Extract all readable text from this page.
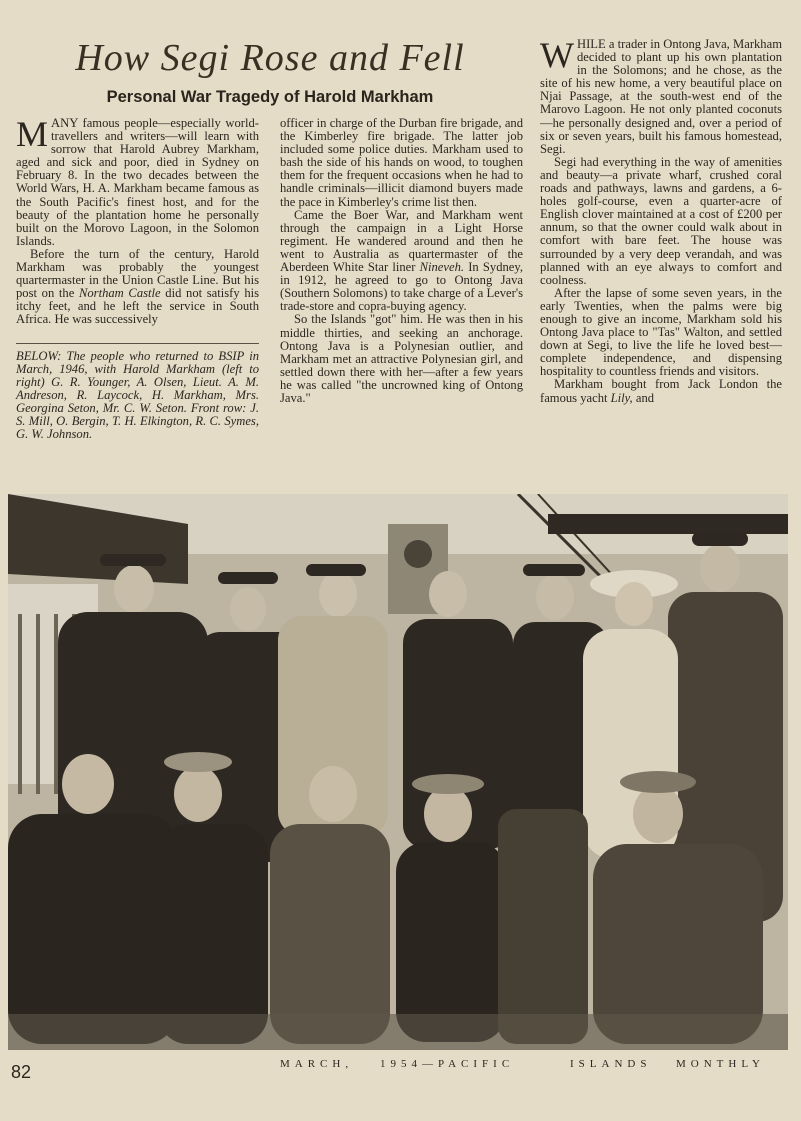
How Segi Rose and Fell
Personal War Tragedy of Harold Markham

MANY famous people—especially world-travellers and writers—will learn with sorrow that Harold Aubrey Markham, aged and sick and poor, died in Sydney on February 8. In the two decades between the World Wars, H. A. Markham became famous as the South Pacific's finest host, and for the beauty of the plantation home he personally built on the Morovo Lagoon, in the Solomon Islands.

Before the turn of the century, Harold Markham was probably the youngest quartermaster in the Union Castle Line. But his post on the Northam Castle did not satisfy his itchy feet, and he left the service in South Africa. He was successively

BELOW: The people who returned to BSIP in March, 1946, with Harold Markham (left to right) G. R. Younger, A. Olsen, Lieut. A. M. Andreson, R. Laycock, H. Markham, Mrs. Georgina Seton, Mr. C. W. Seton. Front row: J. S. Mill, O. Bergin, T. H. Elkington, R. C. Symes, G. W. Johnson.

officer in charge of the Durban fire brigade, and the Kimberley fire brigade. The latter job included some police duties. Markham used to bash the side of his hands on wood, to toughen them for the frequent occasions when he had to handle criminals—illicit diamond buyers made the pace in Kimberley's crime list then.

Came the Boer War, and Markham went through the campaign in a Light Horse regiment. He wandered around and then he went to Australia as quartermaster of the Aberdeen White Star liner Nineveh. In Sydney, in 1912, he agreed to go to Ontong Java (Southern Solomons) to take charge of a Lever's trade-store and copra-buying agency.

So the Islands "got" him. He was then in his middle thirties, and seeking an anchorage. Ontong Java is a Polynesian outlier, and Markham met an attractive Polynesian girl, and settled down there with her—after a few years he was called "the uncrowned king of Ontong Java."

WHILE a trader in Ontong Java, Markham decided to plant up his own plantation in the Solomons; and he chose, as the site of his new home, a very beautiful place on Njai Passage, at the south-west end of the Marovo Lagoon. He not only planted coconuts—he personally designed and, over a period of six or seven years, built his famous homestead, Segi.

Segi had everything in the way of amenities and beauty—a private wharf, crushed coral roads and pathways, lawns and gardens, a 6-holes golf-course, even a quarter-acre of English clover maintained at a cost of £200 per annum, so that the owner could walk about in comfort with bare feet. The house was surrounded by a very deep verandah, and was planned with an eye always to comfort and coolness.

After the lapse of some seven years, in the early Twenties, when the palms were big enough to give an income, Markham sold his Ontong Java place to "Tas" Walton, and settled down at Segi, to live the life he loved best—complete independence, and dispensing hospitality to countless friends and visitors.

Markham bought from Jack London the famous yacht Lily, and

82	MARCH, 1954—PACIFIC	ISLANDS MONTHLY
